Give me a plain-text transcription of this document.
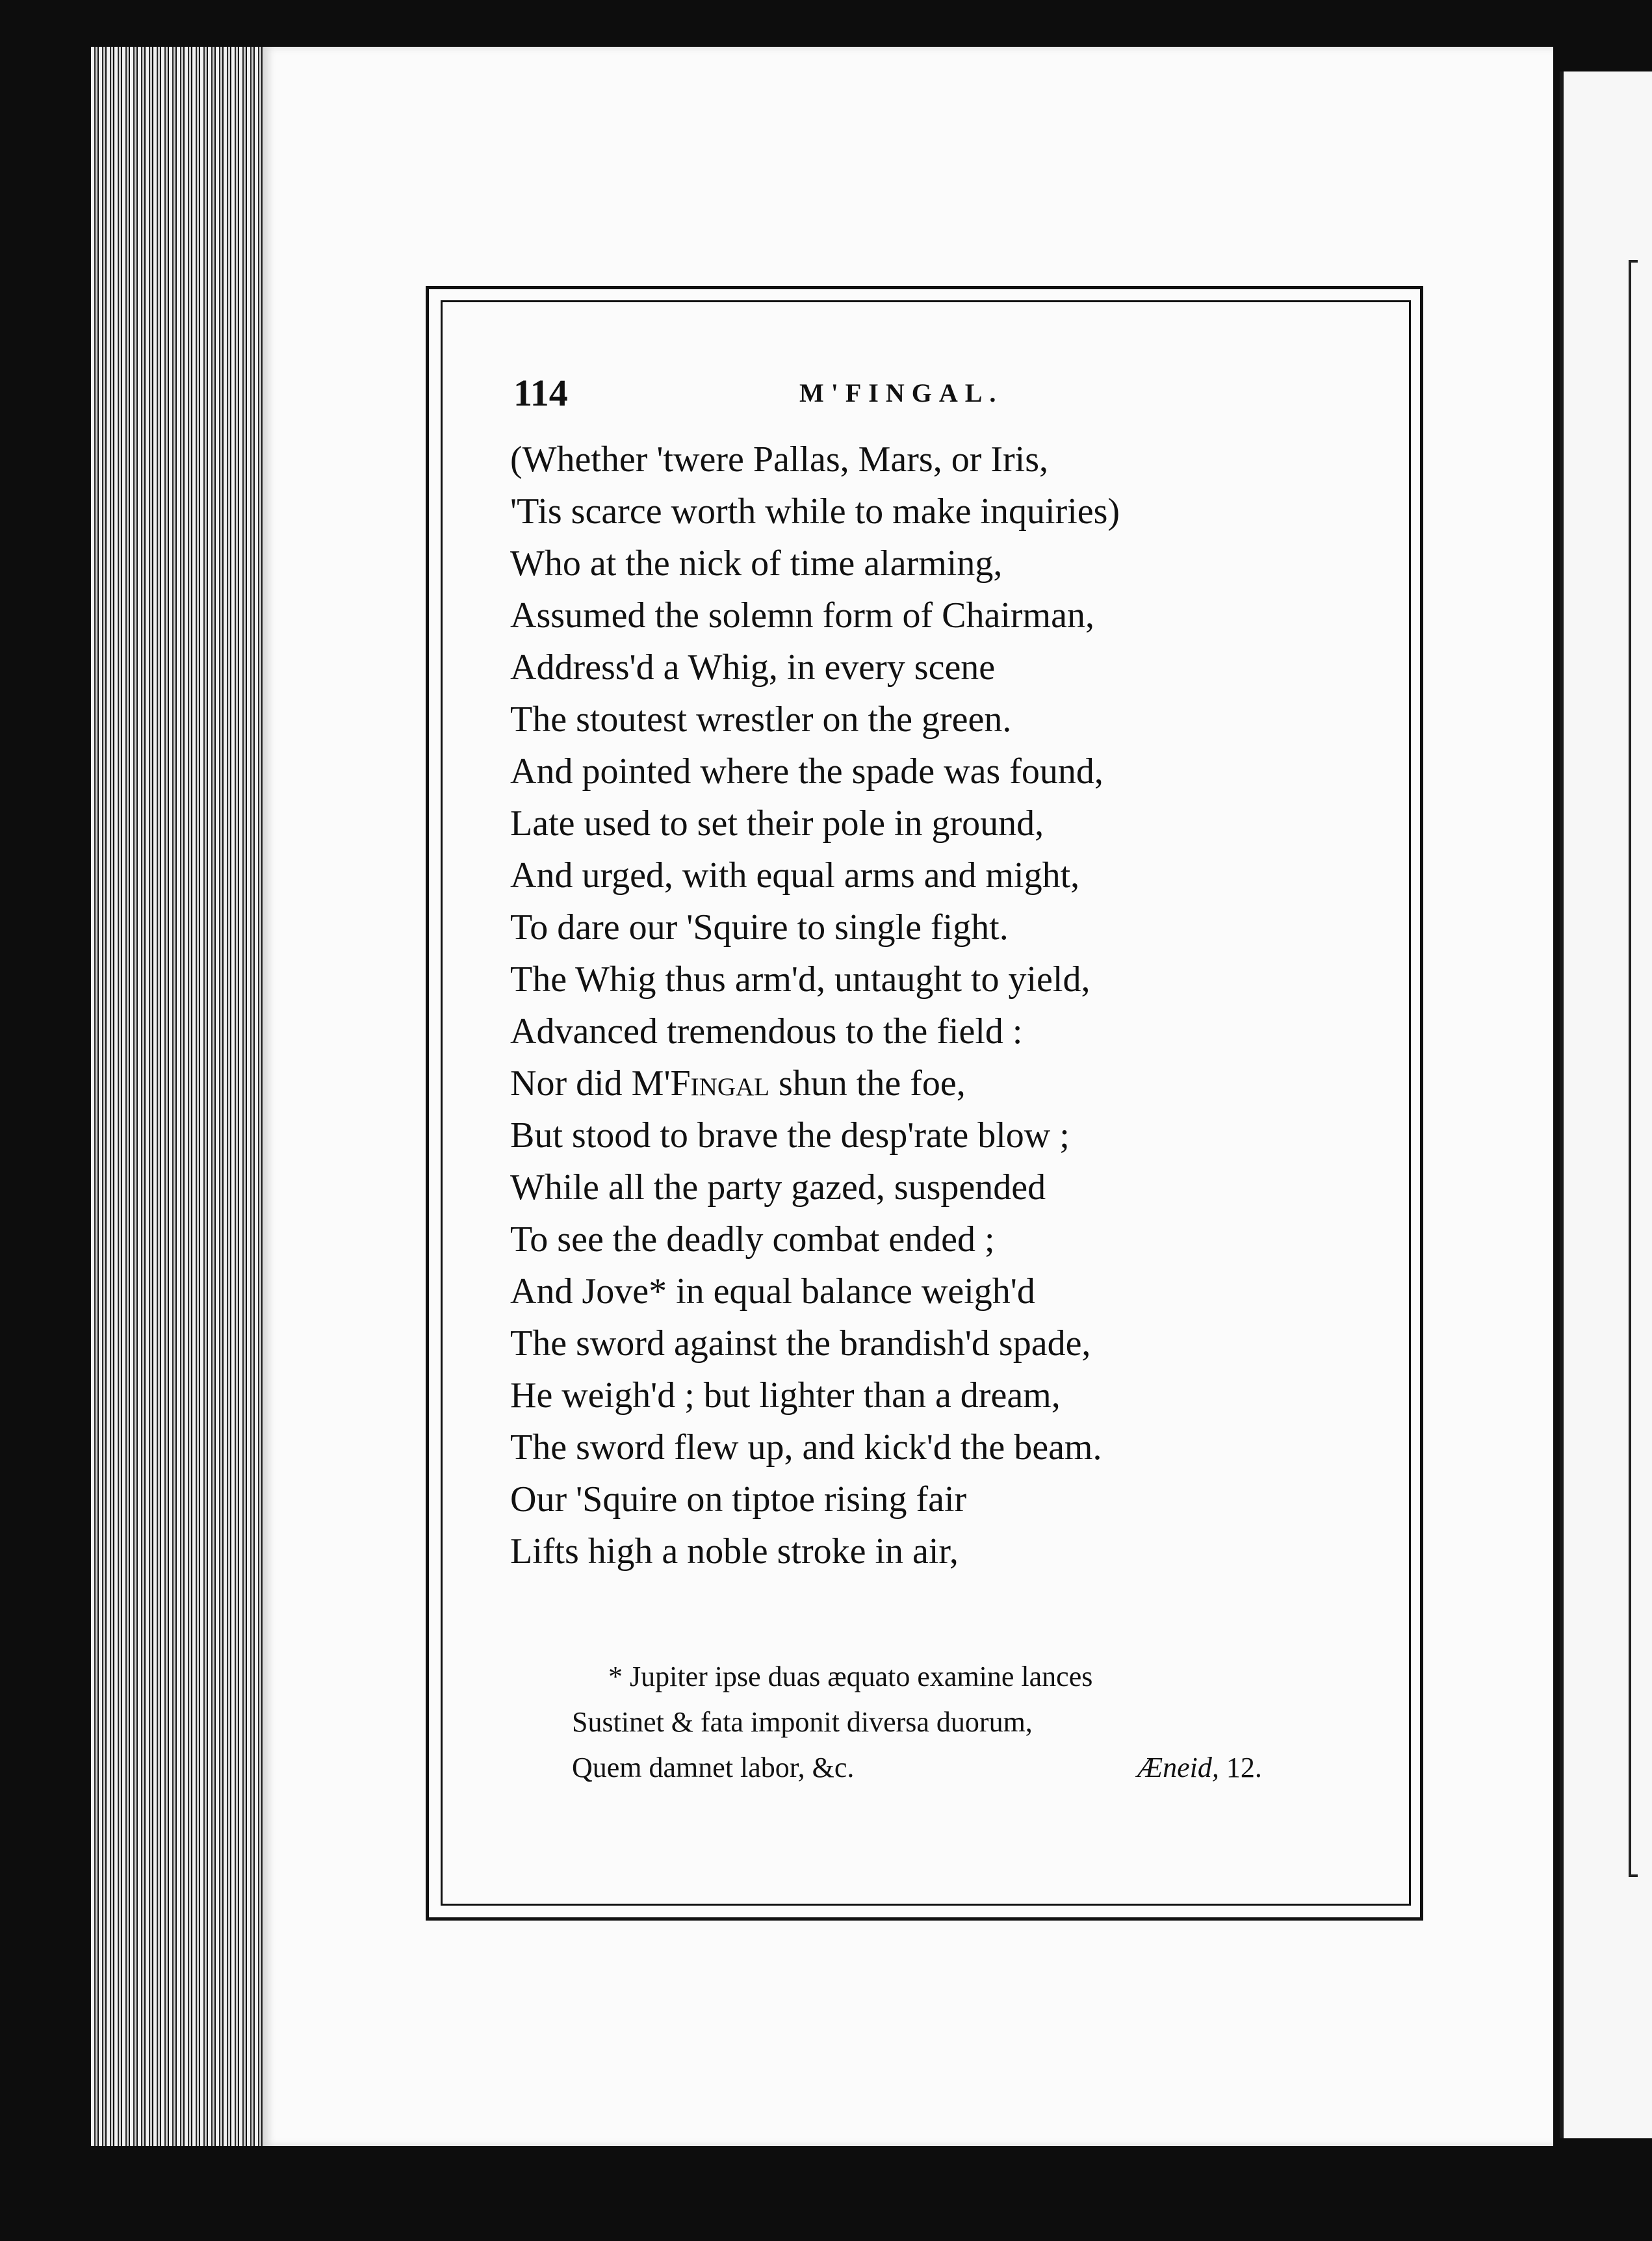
114	M'FINGAL.
(Whether 'twere Pallas, Mars, or Iris,
'Tis scarce worth while to make inquiries)
Who at the nick of time alarming,
Assumed the solemn form of Chairman,
Address'd a Whig, in every scene
The stoutest wrestler on the green.
And pointed where the spade was found,
Late used to set their pole in ground,
And urged, with equal arms and might,
To dare our 'Squire to single fight.
The Whig thus arm'd, untaught to yield,
Advanced tremendous to the field :
Nor did M'Fingal shun the foe,
But stood to brave the desp'rate blow ;
While all the party gazed, suspended
To see the deadly combat ended ;
And Jove* in equal balance weigh'd
The sword against the brandish'd spade,
He weigh'd ; but lighter than a dream,
The sword flew up, and kick'd the beam.
Our 'Squire on tiptoe rising fair
Lifts high a noble stroke in air,
* Jupiter ipse duas æquato examine lances
Sustinet & fata imponit diversa duorum,
Quem damnet labor, &c.	Æneid, 12.
